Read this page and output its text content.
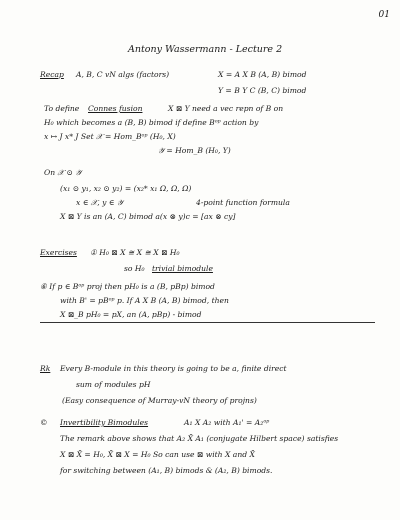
01
Antony Wassermann - Lecture 2
Recap A, B, C vN algs (factors)	X = A X B (A, B) bimod
Y = B Y C (B, C) bimod
To define Connes fusion	X ⊠ Y need a vec repn of B on
H₀ which becomes a (B, B) bimod if define Bᵒᵖ action by
x ↦ J x* J Set 𝒳 = Hom_Bᵒᵖ (H₀, X)
𝒴 = Hom_B (H₀, Y)
On 𝒳 ⊙ 𝒴
(x₁ ⊙ y₁, x₂ ⊙ y₂) = (x₂* x₁ Ω, Ω, Ω)
x ∈ 𝒳, y ∈ 𝒴	4-point function formula
X ⊠ Y is an (A, C) bimod a(x ⊗ y)c = [ax ⊗ cy]
Exercises ① H₀ ⊠ X ≅ X ≅ X ⊠ H₀
so H₀ trivial bimodule
⑥ If p ∈ Bᵒᵖ proj then pH₀ is a (B, pBp) bimod
with B' = pBᵒᵖ p. If A X B (A, B) bimod, then
X ⊠_B pH₀ = pX, an (A, pBp) - bimod
Rk Every B-module in this theory is going to be a, finite direct
sum of modules pH
(Easy consequence of Murray-vN theory of projns)
© Invertibility Bimodules	A₁ X A₂ with A₁' = A₂ᵒᵖ
The remark above shows that A₂ X̄ A₁ (conjugate Hilbert space) satisfies
X ⊠ X̄ = H₀, X̄ ⊠ X = H₀ So can use ⊠ with X and X̄
for switching between (A₁, B) bimods & (A₂, B) bimods.
